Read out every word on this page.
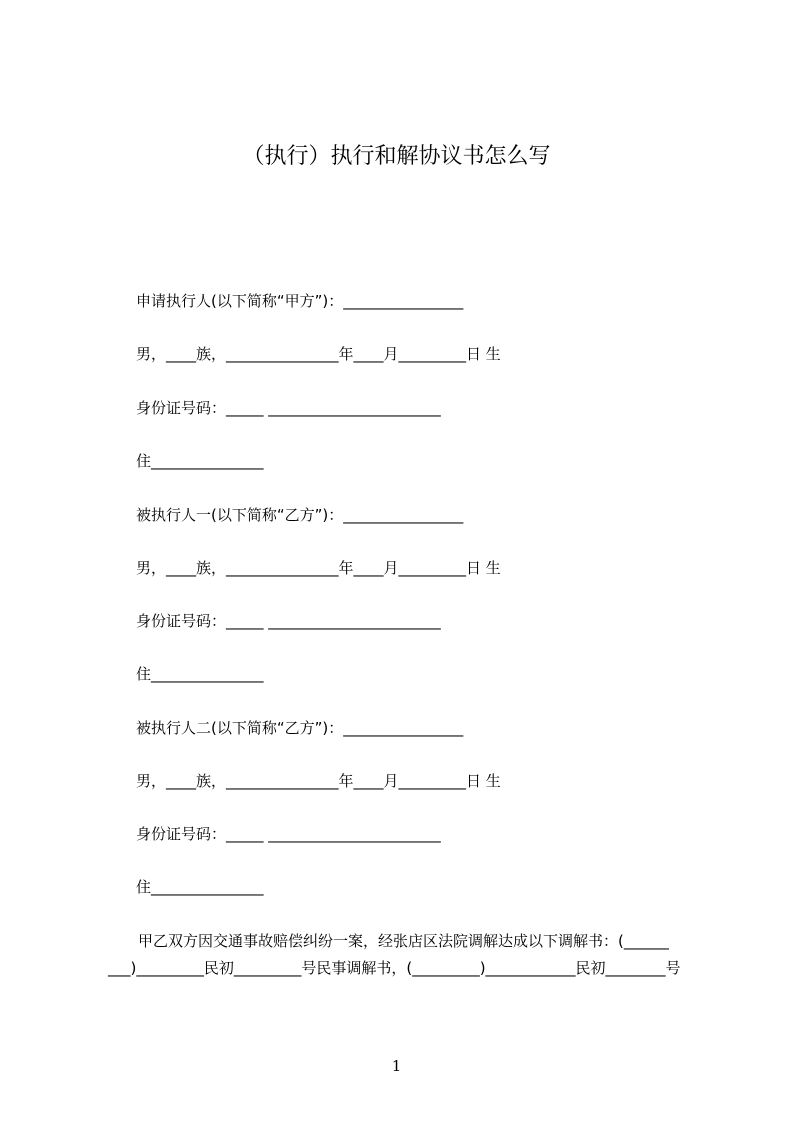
（执行）执行和解协议书怎么写
申请执行人(以下简称“甲方”)：________________
男，____族，_______________年____月_________日 生
身份证号码：_____ _______________________
住_______________
被执行人一(以下简称“乙方”)：________________
男，____族，_______________年____月_________日 生
身份证号码：_____ _______________________
住_______________
被执行人二(以下简称“乙方”)：________________
男，____族，_______________年____月_________日 生
身份证号码：_____ _______________________
住_______________
甲乙双方因交通事故赔偿纠纷一案，经张店区法院调解达成以下调解书：(______
___)_________民初_________号民事调解书，(_________)____________民初________号
1
